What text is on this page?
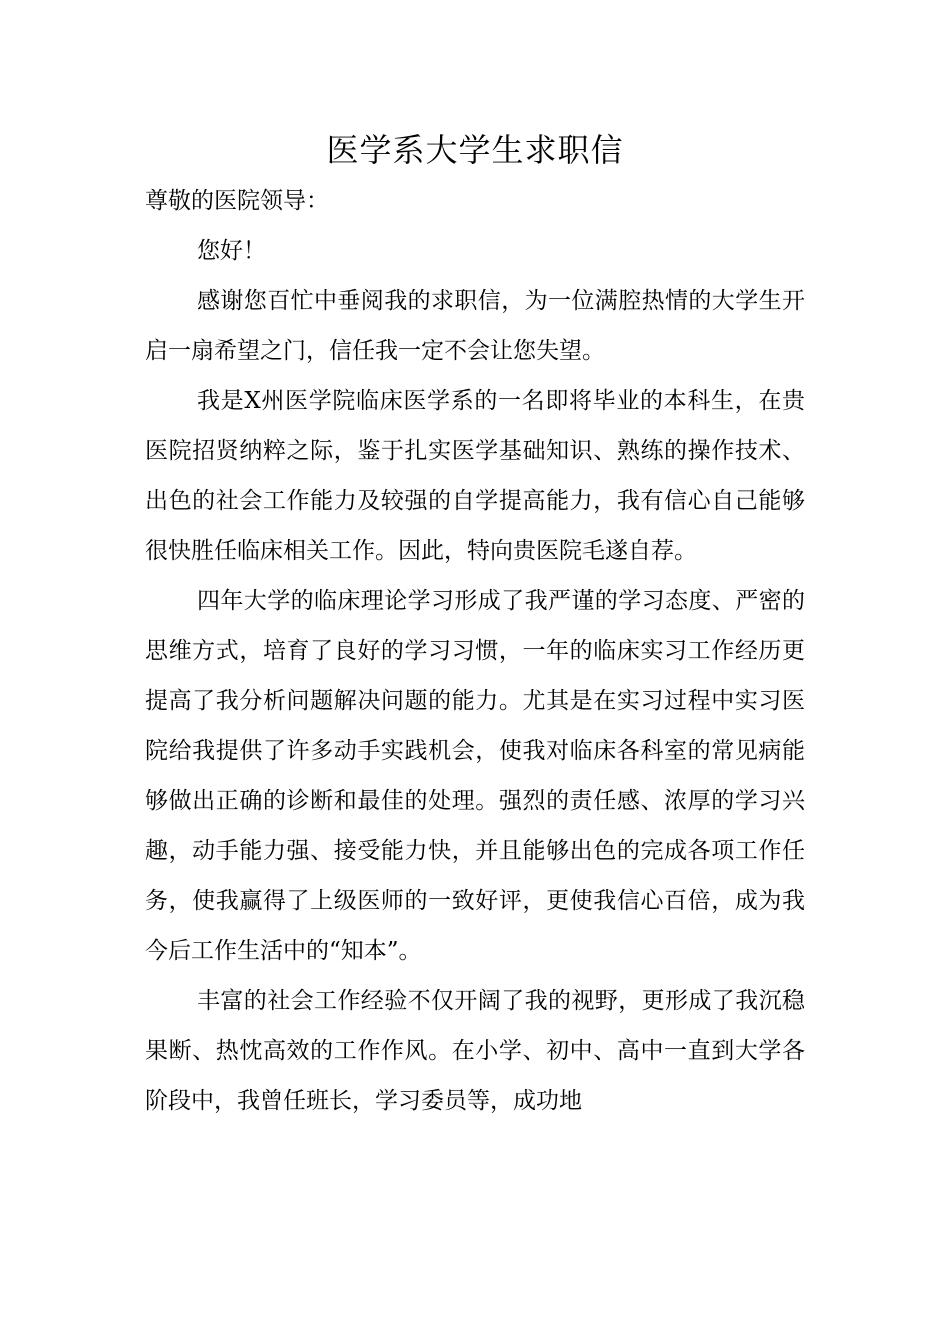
医学系大学生求职信

尊敬的医院领导：

您好！

感谢您百忙中垂阅我的求职信，为一位满腔热情的大学生开启一扇希望之门，信任我一定不会让您失望。

我是X州医学院临床医学系的一名即将毕业的本科生，在贵医院招贤纳粹之际，鉴于扎实医学基础知识、熟练的操作技术、出色的社会工作能力及较强的自学提高能力，我有信心自己能够很快胜任临床相关工作。因此，特向贵医院毛遂自荐。

四年大学的临床理论学习形成了我严谨的学习态度、严密的思维方式，培育了良好的学习习惯，一年的临床实习工作经历更提高了我分析问题解决问题的能力。尤其是在实习过程中实习医院给我提供了许多动手实践机会，使我对临床各科室的常见病能够做出正确的诊断和最佳的处理。强烈的责任感、浓厚的学习兴趣，动手能力强、接受能力快，并且能够出色的完成各项工作任务，使我赢得了上级医师的一致好评，更使我信心百倍，成为我今后工作生活中的“知本”。

丰富的社会工作经验不仅开阔了我的视野，更形成了我沉稳果断、热忱高效的工作作风。在小学、初中、高中一直到大学各阶段中，我曾任班长，学习委员等，成功地
